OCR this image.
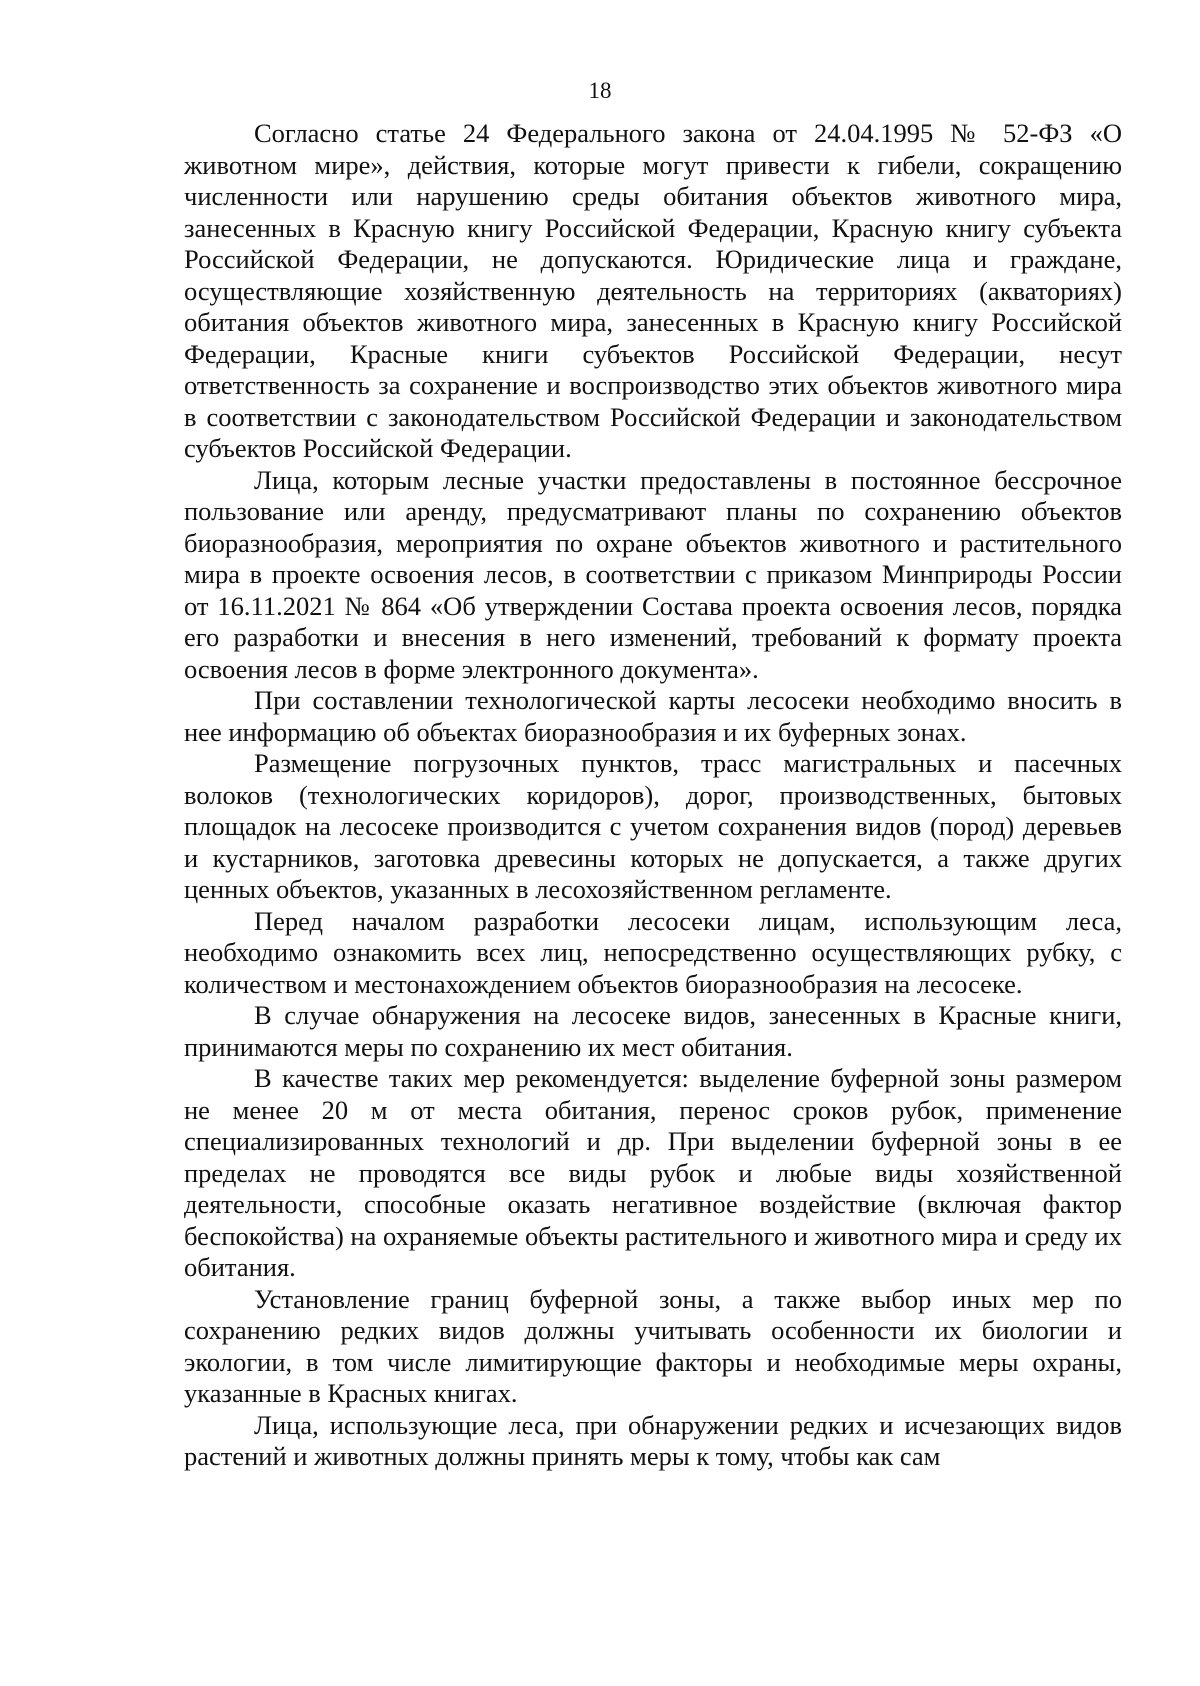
18

Согласно статье 24 Федерального закона от 24.04.1995 № 52-ФЗ «О животном мире», действия, которые могут привести к гибели, сокращению численности или нарушению среды обитания объектов животного мира, занесенных в Красную книгу Российской Федерации, Красную книгу субъекта Российской Федерации, не допускаются. Юридические лица и граждане, осуществляющие хозяйственную деятельность на территориях (акваториях) обитания объектов животного мира, занесенных в Красную книгу Российской Федерации, Красные книги субъектов Российской Федерации, несут ответственность за сохранение и воспроизводство этих объектов животного мира в соответствии с законодательством Российской Федерации и законодательством субъектов Российской Федерации.

Лица, которым лесные участки предоставлены в постоянное бессрочное пользование или аренду, предусматривают планы по сохранению объектов биоразнообразия, мероприятия по охране объектов животного и растительного мира в проекте освоения лесов, в соответствии с приказом Минприроды России от 16.11.2021 № 864 «Об утверждении Состава проекта освоения лесов, порядка его разработки и внесения в него изменений, требований к формату проекта освоения лесов в форме электронного документа».

При составлении технологической карты лесосеки необходимо вносить в нее информацию об объектах биоразнообразия и их буферных зонах.

Размещение погрузочных пунктов, трасс магистральных и пасечных волоков (технологических коридоров), дорог, производственных, бытовых площадок на лесосеке производится с учетом сохранения видов (пород) деревьев и кустарников, заготовка древесины которых не допускается, а также других ценных объектов, указанных в лесохозяйственном регламенте.

Перед началом разработки лесосеки лицам, использующим леса, необходимо ознакомить всех лиц, непосредственно осуществляющих рубку, с количеством и местонахождением объектов биоразнообразия на лесосеке.

В случае обнаружения на лесосеке видов, занесенных в Красные книги, принимаются меры по сохранению их мест обитания.

В качестве таких мер рекомендуется: выделение буферной зоны размером не менее 20 м от места обитания, перенос сроков рубок, применение специализированных технологий и др. При выделении буферной зоны в ее пределах не проводятся все виды рубок и любые виды хозяйственной деятельности, способные оказать негативное воздействие (включая фактор беспокойства) на охраняемые объекты растительного и животного мира и среду их обитания.

Установление границ буферной зоны, а также выбор иных мер по сохранению редких видов должны учитывать особенности их биологии и экологии, в том числе лимитирующие факторы и необходимые меры охраны, указанные в Красных книгах.

Лица, использующие леса, при обнаружении редких и исчезающих видов растений и животных должны принять меры к тому, чтобы как сам
